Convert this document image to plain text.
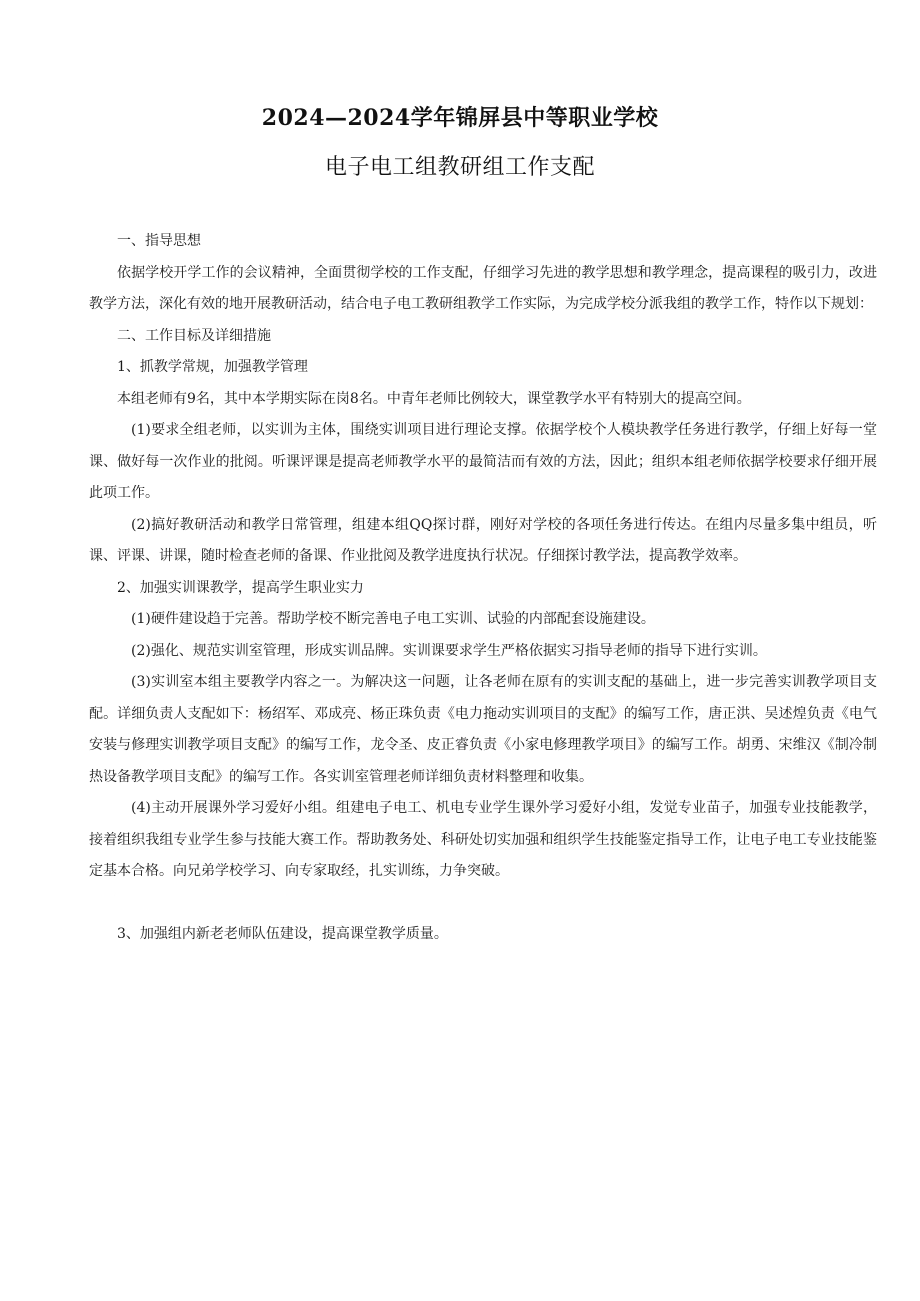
2024—2024学年锦屏县中等职业学校
电子电工组教研组工作支配

一、指导思想

依据学校开学工作的会议精神，全面贯彻学校的工作支配，仔细学习先进的教学思想和教学理念，提高课程的吸引力，改进教学方法，深化有效的地开展教研活动，结合电子电工教研组教学工作实际，为完成学校分派我组的教学工作，特作以下规划：

二、工作目标及详细措施

1、抓教学常规，加强教学管理

本组老师有9名，其中本学期实际在岗8名。中青年老师比例较大，课堂教学水平有特别大的提高空间。

(1)要求全组老师，以实训为主体，围绕实训项目进行理论支撑。依据学校个人模块教学任务进行教学，仔细上好每一堂课、做好每一次作业的批阅。听课评课是提高老师教学水平的最简洁而有效的方法，因此；组织本组老师依据学校要求仔细开展此项工作。

(2)搞好教研活动和教学日常管理，组建本组QQ探讨群，刚好对学校的各项任务进行传达。在组内尽量多集中组员，听课、评课、讲课，随时检查老师的备课、作业批阅及教学进度执行状况。仔细探讨教学法，提高教学效率。

2、加强实训课教学，提高学生职业实力

(1)硬件建设趋于完善。帮助学校不断完善电子电工实训、试验的内部配套设施建设。

(2)强化、规范实训室管理，形成实训品牌。实训课要求学生严格依据实习指导老师的指导下进行实训。

(3)实训室本组主要教学内容之一。为解决这一问题，让各老师在原有的实训支配的基础上，进一步完善实训教学项目支配。详细负责人支配如下：杨绍军、邓成亮、杨正珠负责《电力拖动实训项目的支配》的编写工作，唐正洪、吴述煌负责《电气安装与修理实训教学项目支配》的编写工作，龙令圣、皮正睿负责《小家电修理教学项目》的编写工作。胡勇、宋维汉《制冷制热设备教学项目支配》的编写工作。各实训室管理老师详细负责材料整理和收集。

(4)主动开展课外学习爱好小组。组建电子电工、机电专业学生课外学习爱好小组，发觉专业苗子，加强专业技能教学，接着组织我组专业学生参与技能大赛工作。帮助教务处、科研处切实加强和组织学生技能鉴定指导工作，让电子电工专业技能鉴定基本合格。向兄弟学校学习、向专家取经，扎实训练，力争突破。

3、加强组内新老老师队伍建设，提高课堂教学质量。
